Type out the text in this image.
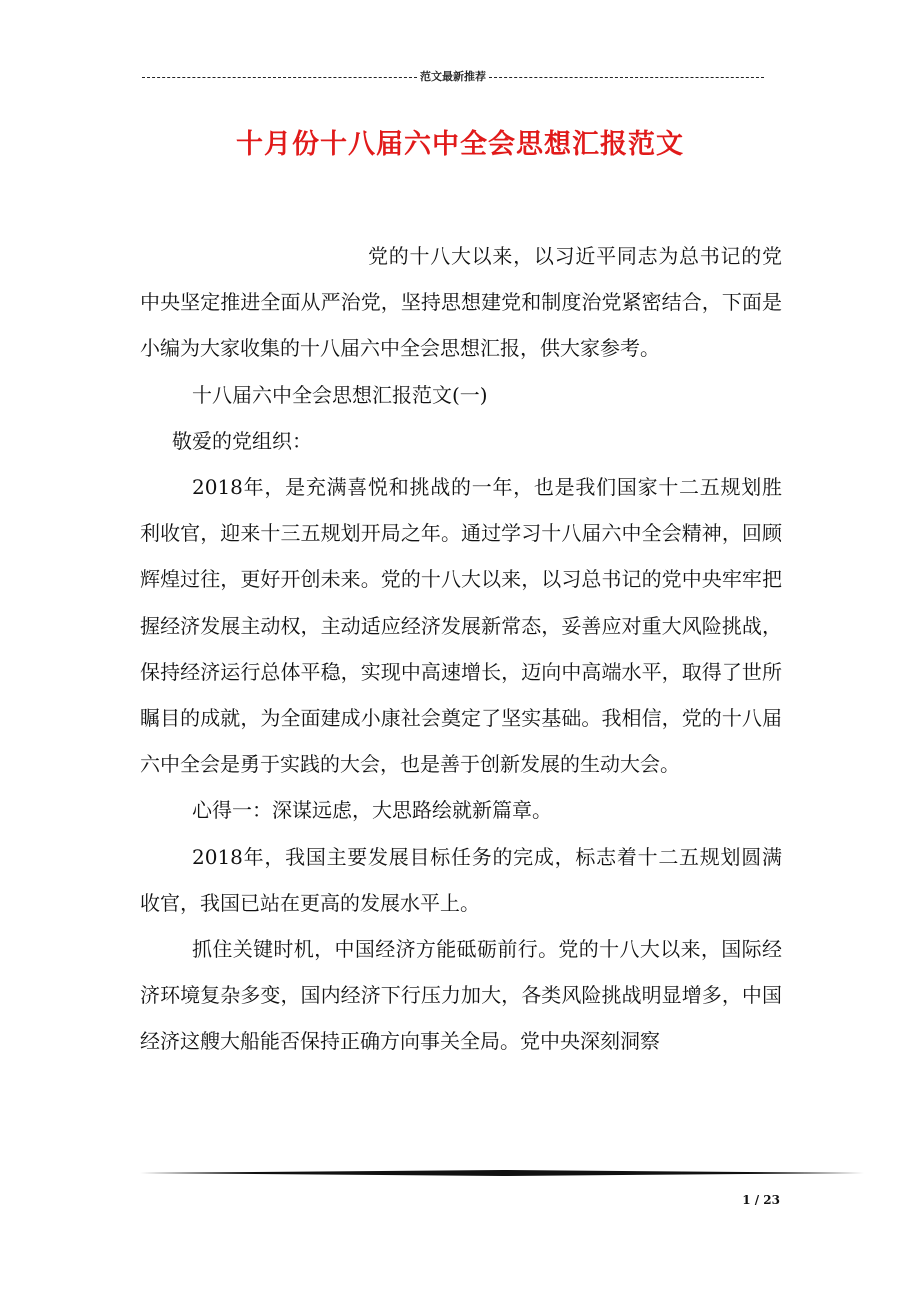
范文最新推荐
十月份十八届六中全会思想汇报范文

党的十八大以来，以习近平同志为总书记的党中央坚定推进全面从严治党，坚持思想建党和制度治党紧密结合，下面是小编为大家收集的十八届六中全会思想汇报，供大家参考。

十八届六中全会思想汇报范文(一)

敬爱的党组织：

2018年，是充满喜悦和挑战的一年，也是我们国家十二五规划胜利收官，迎来十三五规划开局之年。通过学习十八届六中全会精神，回顾辉煌过往，更好开创未来。党的十八大以来，以习总书记的党中央牢牢把握经济发展主动权，主动适应经济发展新常态，妥善应对重大风险挑战，保持经济运行总体平稳，实现中高速增长，迈向中高端水平，取得了世所瞩目的成就，为全面建成小康社会奠定了坚实基础。我相信，党的十八届六中全会是勇于实践的大会，也是善于创新发展的生动大会。

心得一：深谋远虑，大思路绘就新篇章。

2018年，我国主要发展目标任务的完成，标志着十二五规划圆满收官，我国已站在更高的发展水平上。

抓住关键时机，中国经济方能砥砺前行。党的十八大以来，国际经济环境复杂多变，国内经济下行压力加大，各类风险挑战明显增多，中国经济这艘大船能否保持正确方向事关全局。党中央深刻洞察

1 / 23
